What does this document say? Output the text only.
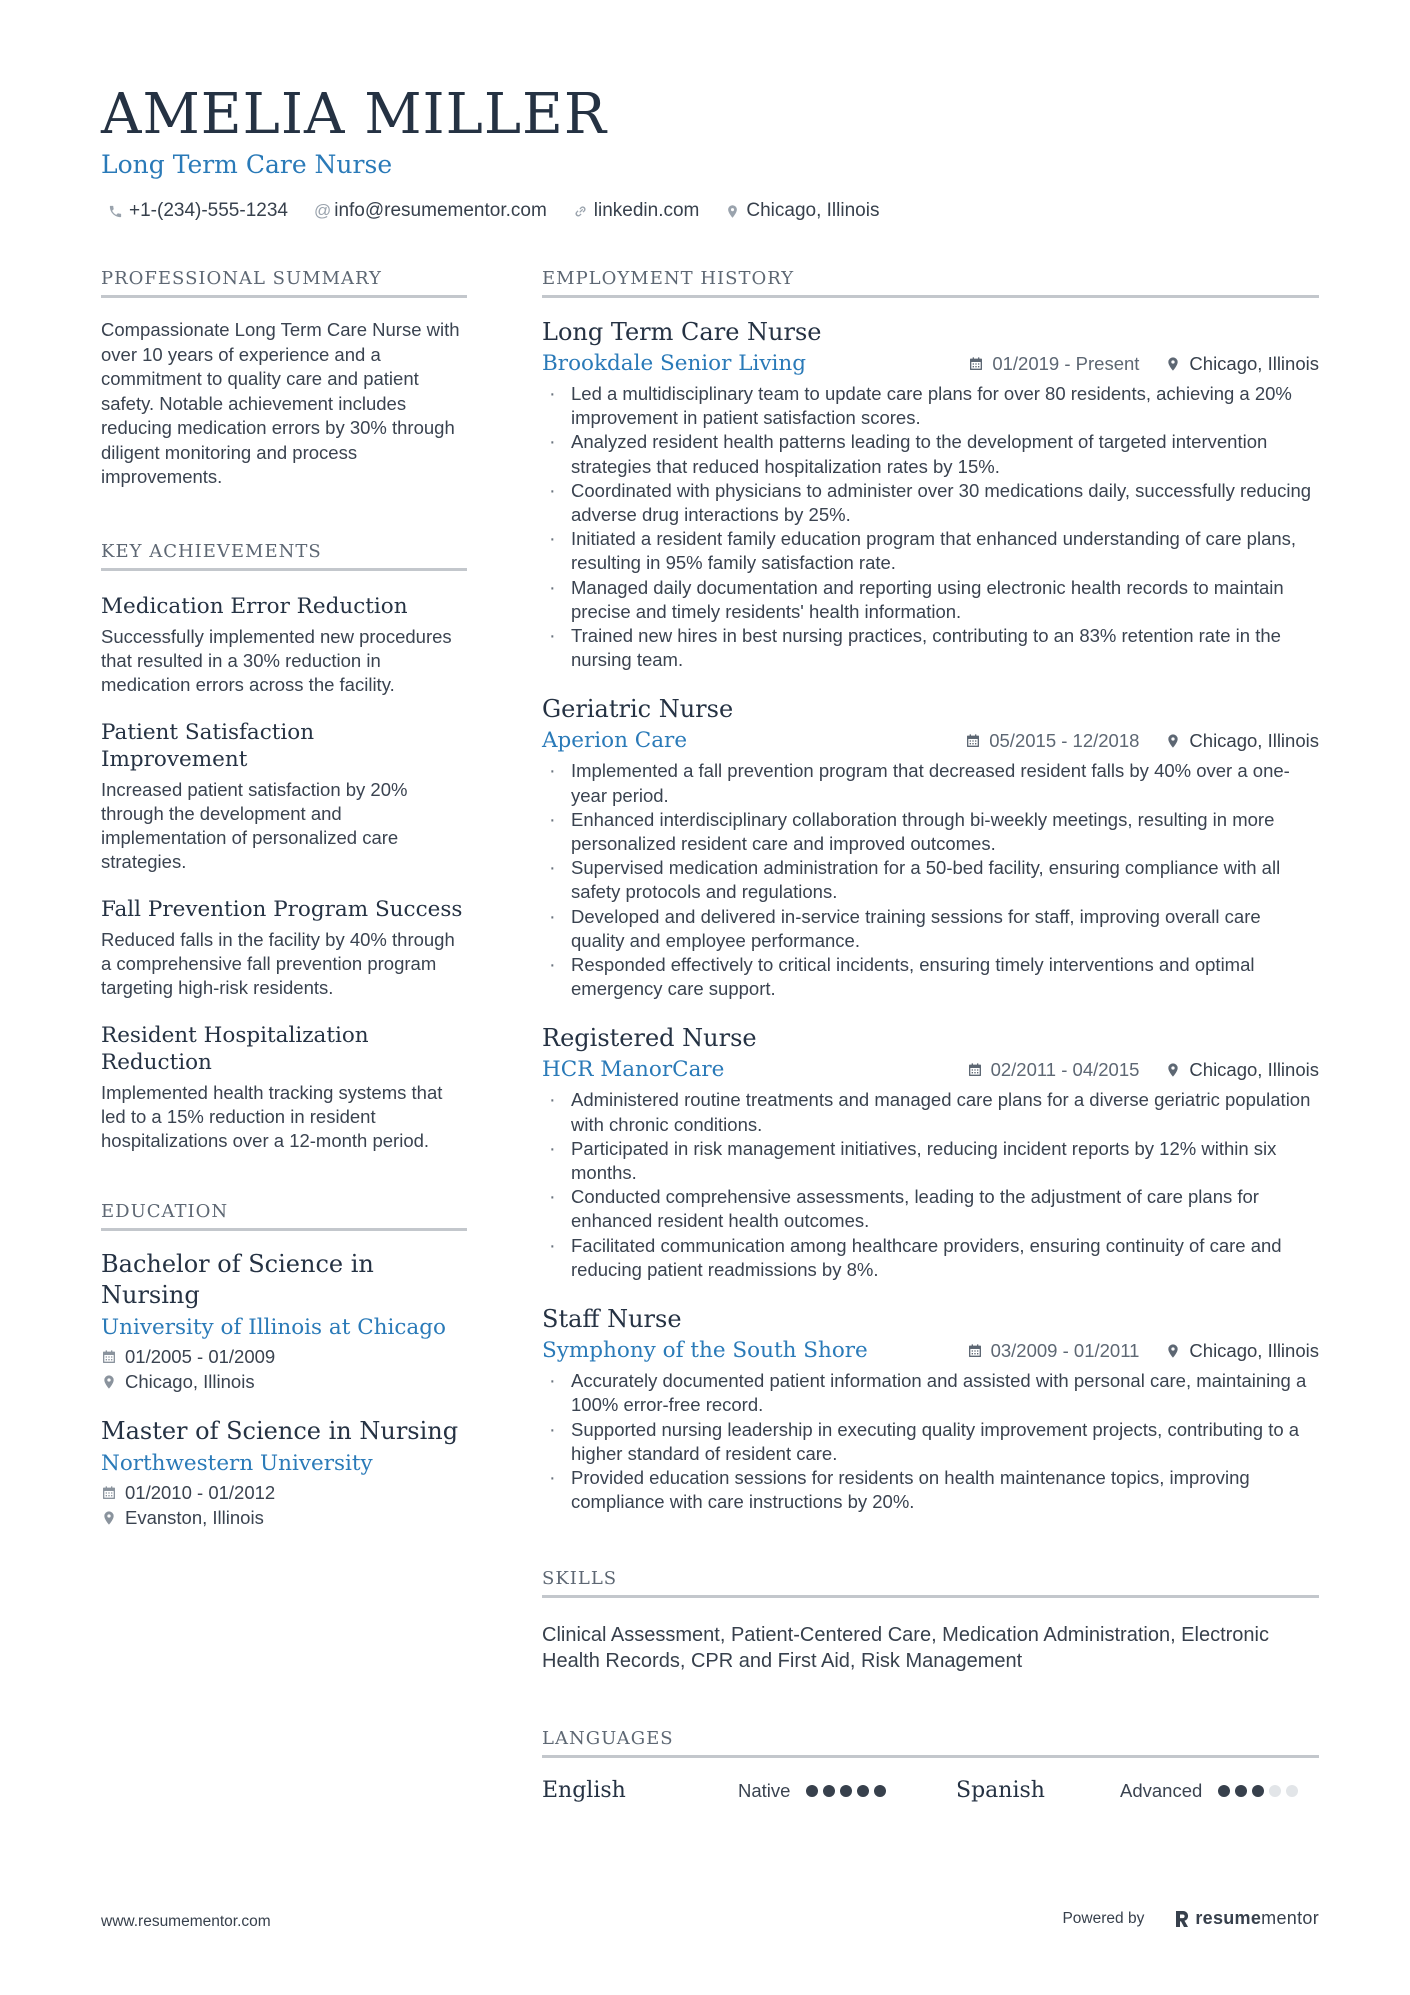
AMELIA MILLER
Long Term Care Nurse
+1-(234)-555-1234 @ info@resumementor.com linkedin.com Chicago, Illinois
PROFESSIONAL SUMMARY
Compassionate Long Term Care Nurse with over 10 years of experience and a commitment to quality care and patient safety. Notable achievement includes reducing medication errors by 30% through diligent monitoring and process improvements.
KEY ACHIEVEMENTS
Medication Error Reduction
Successfully implemented new procedures that resulted in a 30% reduction in medication errors across the facility.
Patient Satisfaction Improvement
Increased patient satisfaction by 20% through the development and implementation of personalized care strategies.
Fall Prevention Program Success
Reduced falls in the facility by 40% through a comprehensive fall prevention program targeting high-risk residents.
Resident Hospitalization Reduction
Implemented health tracking systems that led to a 15% reduction in resident hospitalizations over a 12-month period.
EDUCATION
Bachelor of Science in Nursing
University of Illinois at Chicago
01/2005 - 01/2009
Chicago, Illinois
Master of Science in Nursing
Northwestern University
01/2010 - 01/2012
Evanston, Illinois
EMPLOYMENT HISTORY
Long Term Care Nurse
Brookdale Senior Living	01/2019 - Present	Chicago, Illinois
· Led a multidisciplinary team to update care plans for over 80 residents, achieving a 20% improvement in patient satisfaction scores.
· Analyzed resident health patterns leading to the development of targeted intervention strategies that reduced hospitalization rates by 15%.
· Coordinated with physicians to administer over 30 medications daily, successfully reducing adverse drug interactions by 25%.
· Initiated a resident family education program that enhanced understanding of care plans, resulting in 95% family satisfaction rate.
· Managed daily documentation and reporting using electronic health records to maintain precise and timely residents' health information.
· Trained new hires in best nursing practices, contributing to an 83% retention rate in the nursing team.
Geriatric Nurse
Aperion Care	05/2015 - 12/2018	Chicago, Illinois
· Implemented a fall prevention program that decreased resident falls by 40% over a one-year period.
· Enhanced interdisciplinary collaboration through bi-weekly meetings, resulting in more personalized resident care and improved outcomes.
· Supervised medication administration for a 50-bed facility, ensuring compliance with all safety protocols and regulations.
· Developed and delivered in-service training sessions for staff, improving overall care quality and employee performance.
· Responded effectively to critical incidents, ensuring timely interventions and optimal emergency care support.
Registered Nurse
HCR ManorCare	02/2011 - 04/2015	Chicago, Illinois
· Administered routine treatments and managed care plans for a diverse geriatric population with chronic conditions.
· Participated in risk management initiatives, reducing incident reports by 12% within six months.
· Conducted comprehensive assessments, leading to the adjustment of care plans for enhanced resident health outcomes.
· Facilitated communication among healthcare providers, ensuring continuity of care and reducing patient readmissions by 8%.
Staff Nurse
Symphony of the South Shore	03/2009 - 01/2011	Chicago, Illinois
· Accurately documented patient information and assisted with personal care, maintaining a 100% error-free record.
· Supported nursing leadership in executing quality improvement projects, contributing to a higher standard of resident care.
· Provided education sessions for residents on health maintenance topics, improving compliance with care instructions by 20%.
SKILLS
Clinical Assessment, Patient-Centered Care, Medication Administration, Electronic Health Records, CPR and First Aid, Risk Management
LANGUAGES
English	Native	Spanish	Advanced
www.resumementor.com	Powered by	resume mentor
